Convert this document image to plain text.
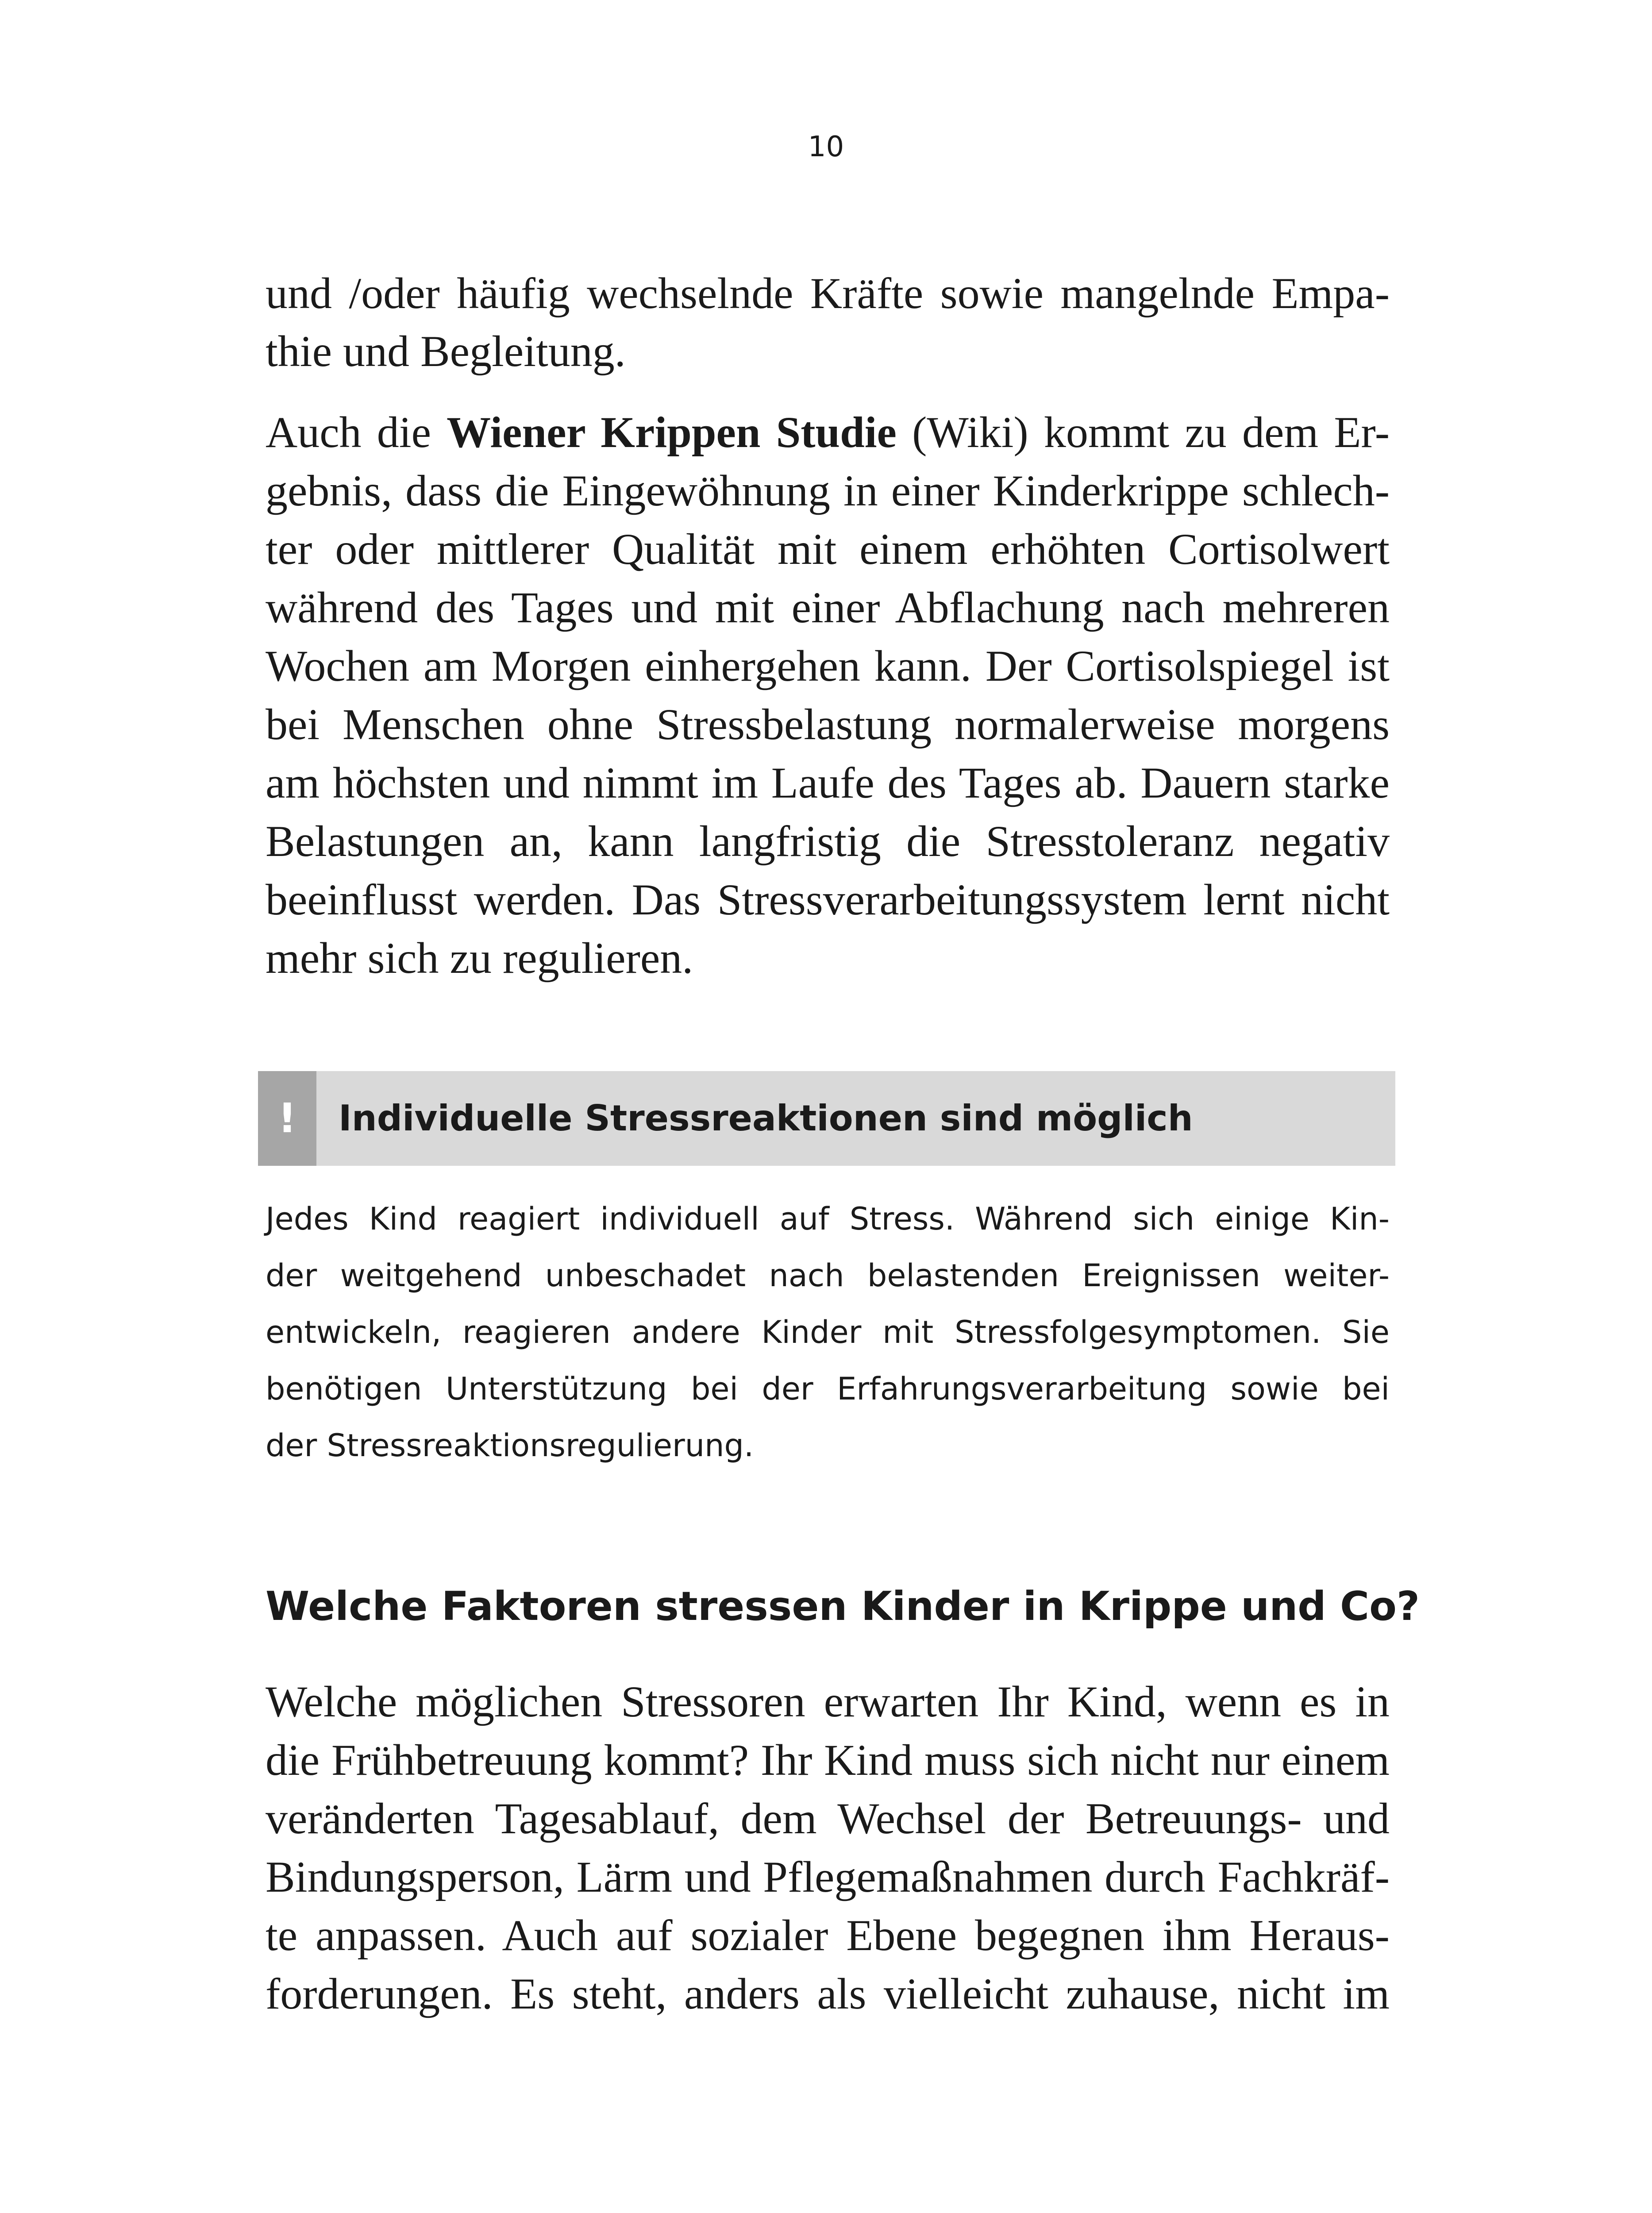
10
und /oder häufig wechselnde Kräfte sowie mangelnde Empa-
thie und Begleitung.
Auch die Wiener Krippen Studie (Wiki) kommt zu dem Er-
gebnis, dass die Eingewöhnung in einer Kinderkrippe schlech-
ter oder mittlerer Qualität mit einem erhöhten Cortisolwert
während des Tages und mit einer Abflachung nach mehreren
Wochen am Morgen einhergehen kann. Der Cortisolspiegel ist
bei Menschen ohne Stressbelastung normalerweise morgens
am höchsten und nimmt im Laufe des Tages ab. Dauern starke
Belastungen an, kann langfristig die Stresstoleranz negativ
beeinflusst werden. Das Stressverarbeitungssystem lernt nicht
mehr sich zu regulieren.
!	Individuelle Stressreaktionen sind möglich
Jedes Kind reagiert individuell auf Stress. Während sich einige Kin-
der weitgehend unbeschadet nach belastenden Ereignissen weiter-
entwickeln, reagieren andere Kinder mit Stressfolgesymptomen. Sie
benötigen Unterstützung bei der Erfahrungsverarbeitung sowie bei
der Stressreaktionsregulierung.
Welche Faktoren stressen Kinder in Krippe und Co?
Welche möglichen Stressoren erwarten Ihr Kind, wenn es in
die Frühbetreuung kommt? Ihr Kind muss sich nicht nur einem
veränderten Tagesablauf, dem Wechsel der Betreuungs- und
Bindungsperson, Lärm und Pflegemaßnahmen durch Fachkräf-
te anpassen. Auch auf sozialer Ebene begegnen ihm Heraus-
forderungen. Es steht, anders als vielleicht zuhause, nicht im
